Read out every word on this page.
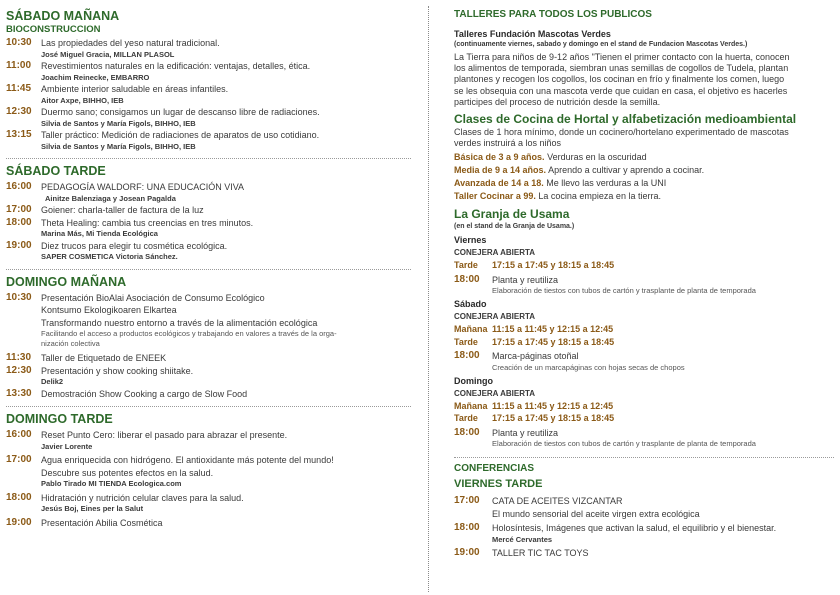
SÁBADO MAÑANA
BIOCONSTRUCCION
10:30	Las propiedades del yeso natural tradicional.
José Miguel Gracia, MILLAN PLASOL
11:00	Revestimientos naturales en la edificación: ventajas, detalles, ética.
Joachim Reinecke, EMBARRO
11:45	Ambiente interior saludable en áreas infantiles.
Aitor Axpe, BIHHO, IEB
12:30	Duermo sano; consigamos un lugar de descanso libre de radiaciones.
Silvia de Santos y María Figols, BIHHO, IEB
13:15	Taller práctico: Medición de radiaciones de aparatos de uso cotidiano.
Silvia de Santos y María Figols, BIHHO, IEB
SÁBADO TARDE
16:00	PEDAGOGÍA WALDORF: UNA EDUCACIÓN VIVA
Ainitze Balenziaga y Josean Pagalda
17:00	Goiener: charla-taller de factura de la luz
18:00	Theta Healing: cambia tus creencias en tres minutos.
Marina Más, Mi Tienda Ecológica
19:00	Diez trucos para elegir tu cosmética ecológica.
SAPER COSMETICA Victoria Sánchez.
DOMINGO MAÑANA
10:30	Presentación BioAlai Asociación de Consumo Ecológico
Kontsumo Ekologikoaren Elkartea
Transformando nuestro entorno a través de la alimentación ecológica
Facilitando el acceso a productos ecológicos y trabajando en valores a través de la orga-
nización colectiva
11:30	Taller de Etiquetado de ENEEK
12:30	Presentación y show cooking shiitake.
Delik2
13:30	Demostración Show Cooking a cargo de Slow Food
DOMINGO TARDE
16:00	Reset Punto Cero: liberar el pasado para abrazar el presente.
Javier Lorente
17:00	Agua enriquecida con hidrógeno. El antioxidante más potente del mundo!
Descubre sus potentes efectos en la salud.
Pablo Tirado MI TIENDA Ecologica.com
18:00	Hidratación y nutrición celular claves para la salud.
Jesús Boj, Eines per la Salut
19:00	Presentación Abilia Cosmética
TALLERES PARA TODOS LOS PUBLICOS
Talleres Fundación Mascotas Verdes
(continuamente viernes, sabado y domingo en el stand de Fundacion Mascotas Verdes.)
La Tierra para niños de 9-12 años "Tienen el primer contacto con la huerta, conocen
los alimentos de temporada, siembran unas semillas de cogollos de Tudela, plantan
plantones y recogen los cogollos, los cocinan en frío y finalmente los comen, luego
se les obsequia con una mascota verde que cuidan en casa, el objetivo es hacerles
participes del proceso de nutrición desde la semilla.
Clases de Cocina de Hortal y alfabetización medioambiental
Clases de 1 hora mínimo, donde un cocinero/hortelano experimentado de mascotas
verdes instruirá a los niños
Básica de 3 a 9 años. Verduras en la oscuridad
Media de 9 a 14 años. Aprendo a cultivar y aprendo a cocinar.
Avanzada de 14 a 18. Me llevo las verduras a la UNI
Taller Cocinar a 99. La cocina empieza en la tierra.
La Granja de Usama
(en el stand de la Granja de Usama.)
Viernes
CONEJERA ABIERTA
Tarde 17:15 a 17:45 y 18:15 a 18:45
18:00	Planta y reutiliza
Elaboración de tiestos con tubos de cartón y trasplante de planta de temporada
Sábado
CONEJERA ABIERTA
Mañana 11:15 a 11:45 y 12:15 a 12:45
Tarde 17:15 a 17:45 y 18:15 a 18:45
18:00	Marca-páginas otoñal
Creación de un marcapáginas con hojas secas de chopos
Domingo
CONEJERA ABIERTA
Mañana 11:15 a 11:45 y 12:15 a 12:45
Tarde 17:15 a 17:45 y 18:15 a 18:45
18:00	Planta y reutiliza
Elaboración de tiestos con tubos de cartón y trasplante de planta de temporada
CONFERENCIAS
VIERNES TARDE
17:00	CATA DE ACEITES VIZCANTAR
El mundo sensorial del aceite virgen extra ecológica
18:00	Holosíntesis, Imágenes que activan la salud, el equilibrio y el bienestar.
Mercé Cervantes
19:00	TALLER TIC TAC TOYS
